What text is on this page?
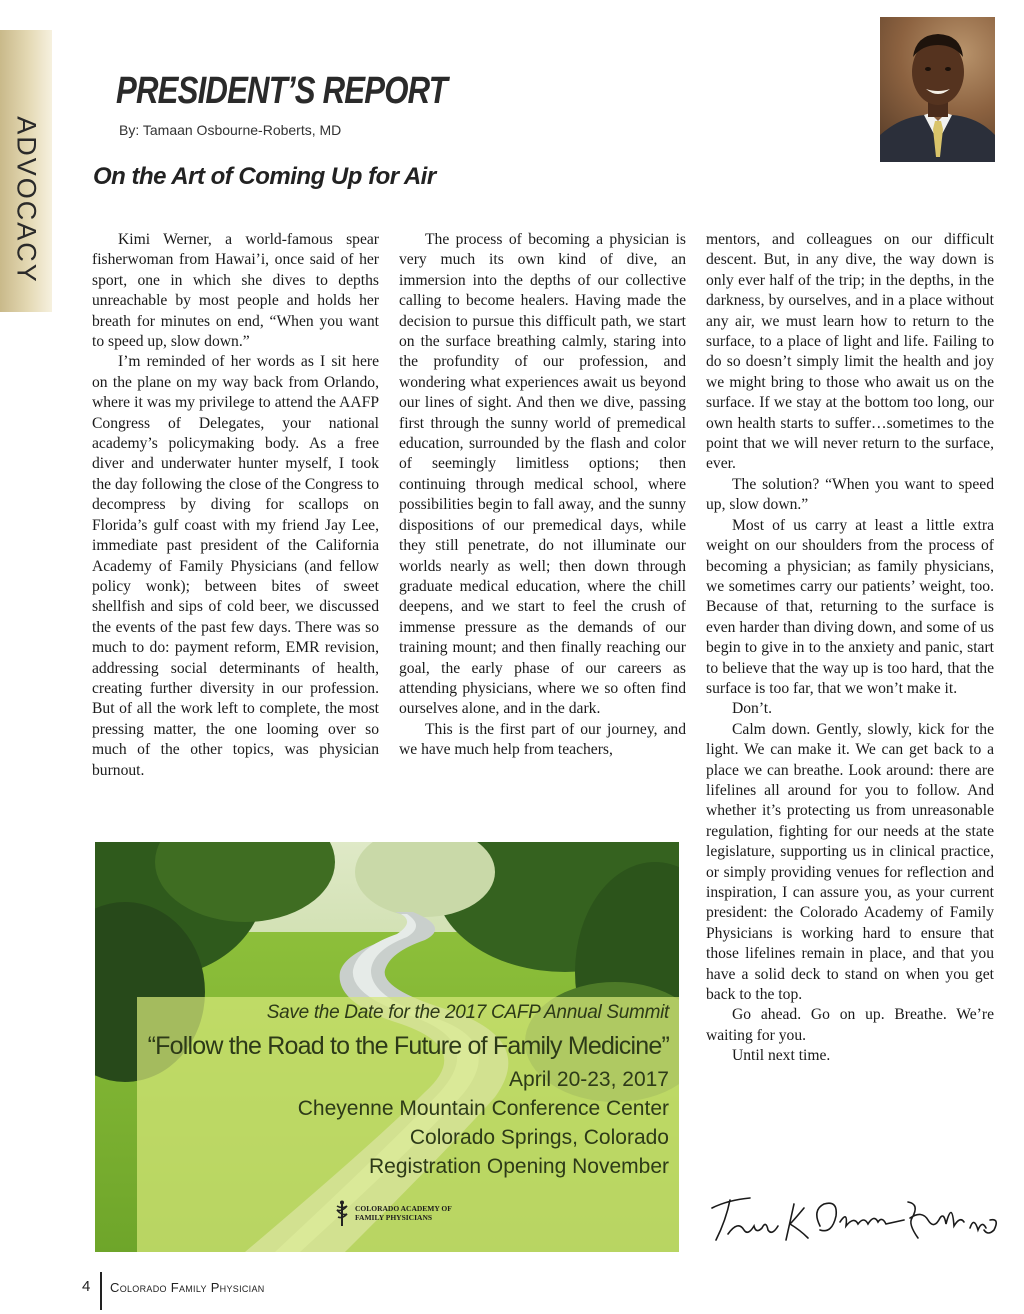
ADVOCACY
PRESIDENT’S REPORT
By: Tamaan Osbourne-Roberts, MD
On the Art of Coming Up for Air

Kimi Werner, a world-famous spear fisherwoman from Hawai’i, once said of her sport, one in which she dives to depths unreachable by most people and holds her breath for minutes on end, “When you want to speed up, slow down.”

I’m reminded of her words as I sit here on the plane on my way back from Orlando, where it was my privilege to attend the AAFP Congress of Delegates, your national academy’s policymaking body. As a free diver and underwater hunter myself, I took the day following the close of the Congress to decompress by diving for scallops on Florida’s gulf coast with my friend Jay Lee, immediate past president of the California Academy of Family Physicians (and fellow policy wonk); between bites of sweet shellfish and sips of cold beer, we discussed the events of the past few days. There was so much to do: payment reform, EMR revision, addressing social determinants of health, creating further diversity in our profession. But of all the work left to complete, the most pressing matter, the one looming over so much of the other topics, was physician burnout.

The process of becoming a physician is very much its own kind of dive, an immersion into the depths of our collective calling to become healers. Having made the decision to pursue this difficult path, we start on the surface breathing calmly, staring into the profundity of our profession, and wondering what experiences await us beyond our lines of sight. And then we dive, passing first through the sunny world of premedical education, surrounded by the flash and color of seemingly limitless options; then continuing through medical school, where possibilities begin to fall away, and the sunny dispositions of our premedical days, while they still penetrate, do not illuminate our worlds nearly as well; then down through graduate medical education, where the chill deepens, and we start to feel the crush of immense pressure as the demands of our training mount; and then finally reaching our goal, the early phase of our careers as attending physicians, where we so often find ourselves alone, and in the dark.

This is the first part of our journey, and we have much help from teachers,

mentors, and colleagues on our difficult descent. But, in any dive, the way down is only ever half of the trip; in the depths, in the darkness, by ourselves, and in a place without any air, we must learn how to return to the surface, to a place of light and life. Failing to do so doesn’t simply limit the health and joy we might bring to those who await us on the surface. If we stay at the bottom too long, our own health starts to suffer…sometimes to the point that we will never return to the surface, ever.

The solution? “When you want to speed up, slow down.”

Most of us carry at least a little extra weight on our shoulders from the process of becoming a physician; as family physicians, we sometimes carry our patients’ weight, too. Because of that, returning to the surface is even harder than diving down, and some of us begin to give in to the anxiety and panic, start to believe that the way up is too hard, that the surface is too far, that we won’t make it.

Don’t.

Calm down. Gently, slowly, kick for the light. We can make it. We can get back to a place we can breathe. Look around: there are lifelines all around for you to follow. And whether it’s protecting us from unreasonable regulation, fighting for our needs at the state legislature, supporting us in clinical practice, or simply providing venues for reflection and inspiration, I can assure you, as your current president: the Colorado Academy of Family Physicians is working hard to ensure that those lifelines remain in place, and that you have a solid deck to stand on when you get back to the top.

Go ahead. Go on up. Breathe. We’re waiting for you.

Until next time.

Save the Date for the 2017 CAFP Annual Summit
“Follow the Road to the Future of Family Medicine”
April 20-23, 2017
Cheyenne Mountain Conference Center
Colorado Springs, Colorado
Registration Opening November
COLORADO ACADEMY OF
FAMILY PHYSICIANS
4 Colorado Family Physician
